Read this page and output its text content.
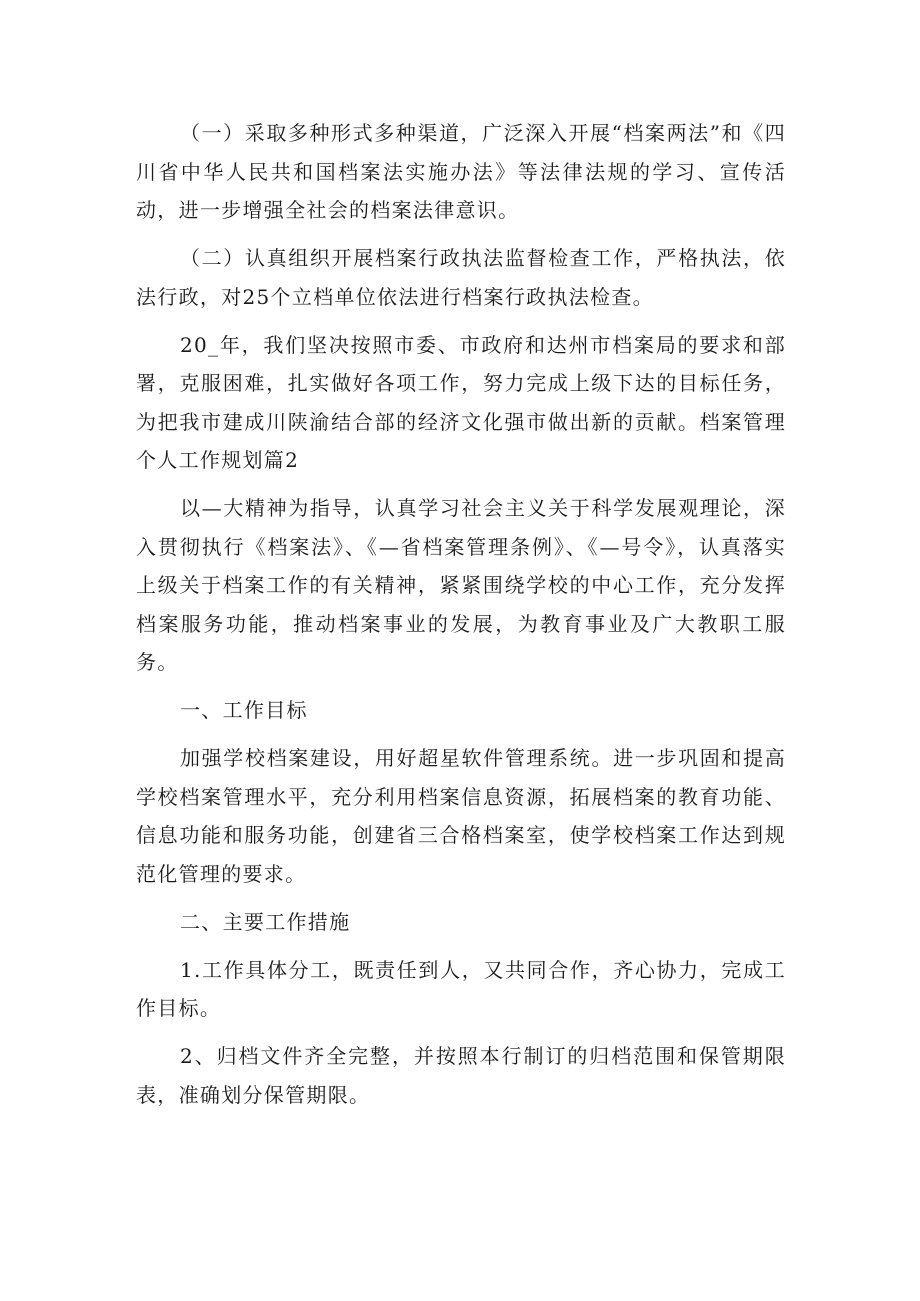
（一）采取多种形式多种渠道，广泛深入开展“档案两法”和《四川省中华人民共和国档案法实施办法》等法律法规的学习、宣传活动，进一步增强全社会的档案法律意识。

（二）认真组织开展档案行政执法监督检查工作，严格执法，依法行政，对25个立档单位依法进行档案行政执法检查。

20_年，我们坚决按照市委、市政府和达州市档案局的要求和部署，克服困难，扎实做好各项工作，努力完成上级下达的目标任务，为把我市建成川陕渝结合部的经济文化强市做出新的贡献。档案管理个人工作规划篇2

以—大精神为指导，认真学习社会主义关于科学发展观理论，深入贯彻执行《档案法》、《—省档案管理条例》、《—号令》，认真落实上级关于档案工作的有关精神，紧紧围绕学校的中心工作，充分发挥档案服务功能，推动档案事业的发展，为教育事业及广大教职工服务。

一、工作目标

加强学校档案建设，用好超星软件管理系统。进一步巩固和提高学校档案管理水平，充分利用档案信息资源，拓展档案的教育功能、信息功能和服务功能，创建省三合格档案室，使学校档案工作达到规范化管理的要求。

二、主要工作措施

1.工作具体分工，既责任到人，又共同合作，齐心协力，完成工作目标。

2、归档文件齐全完整，并按照本行制订的归档范围和保管期限表，准确划分保管期限。
